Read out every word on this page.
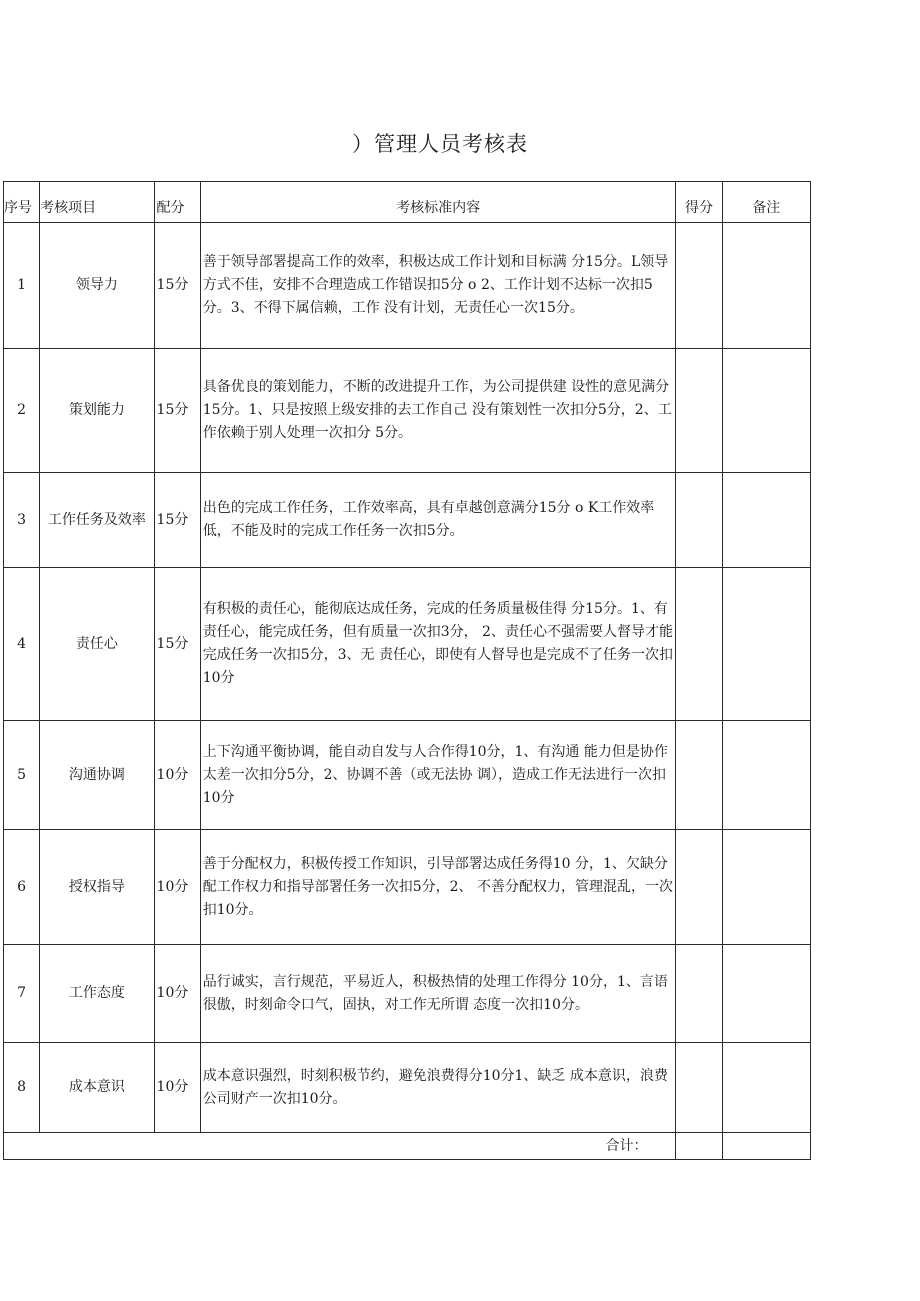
）管理人员考核表

序号	考核项目	配分	考核标准内容	得分	备注
1	领导力	15分	善于领导部署提高工作的效率，积极达成工作计划和目标满 分15分。L领导方式不佳，安排不合理造成工作错误扣5分 o 2、工作计划不达标一次扣5分。3、不得下属信赖，工作 没有计划，无责任心一次15分。		
2	策划能力	15分	具备优良的策划能力，不断的改进提升工作，为公司提供建 设性的意见满分15分。1、只是按照上级安排的去工作自己 没有策划性一次扣分5分，2、工作依赖于别人处理一次扣分 5分。		
3	工作任务及效率	15分	出色的完成工作任务，工作效率高，具有卓越创意满分15分 o K工作效率低，不能及时的完成工作任务一次扣5分。		
4	责任心	15分	有积极的责任心，能彻底达成任务，完成的任务质量极佳得 分15分。1、有责任心，能完成任务，但有质量一次扣3分， 2、责任心不强需要人督导才能完成任务一次扣5分，3、无 责任心，即使有人督导也是完成不了任务一次扣10分		
5	沟通协调	10分	上下沟通平衡协调，能自动自发与人合作得10分，1、有沟通 能力但是协作太差一次扣分5分，2、协调不善（或无法协 调），造成工作无法进行一次扣10分		
6	授权指导	10分	善于分配权力，积极传授工作知识，引导部署达成任务得10 分，1、欠缺分配工作权力和指导部署任务一次扣5分，2、 不善分配权力，管理混乱，一次扣10分。		
7	工作态度	10分	品行诚实，言行规范，平易近人，积极热情的处理工作得分 10分，1、言语很傲，时刻命令口气，固执，对工作无所谓 态度一次扣10分。		
8	成本意识	10分	成本意识强烈，时刻积极节约，避免浪费得分10分1、缺乏 成本意识，浪费公司财产一次扣10分。		
合计：					
